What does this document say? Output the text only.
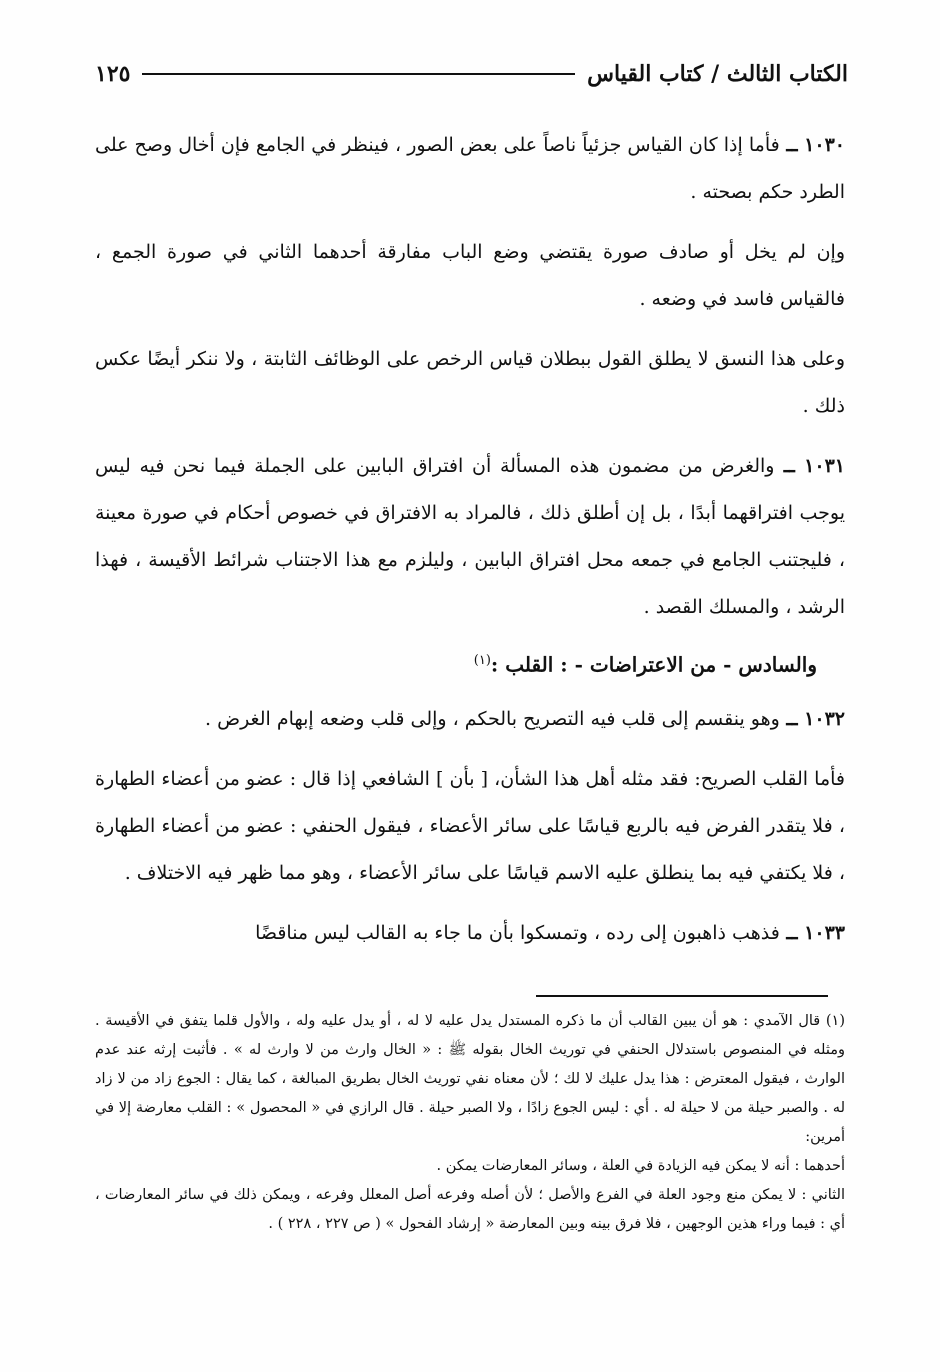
الكتاب الثالث / كتاب القياس
١٢٥

١٠٣٠ ــ فأما إذا كان القياس جزئياً ناصاً على بعض الصور ، فينظر في الجامع فإن أخال وصح على الطرد حكم بصحته .

وإن لم يخل أو صادف صورة يقتضي وضع الباب مفارقة أحدهما الثاني في صورة الجمع ، فالقياس فاسد في وضعه .

وعلى هذا النسق لا يطلق القول ببطلان قياس الرخص على الوظائف الثابتة ، ولا ننكر أيضًا عكس ذلك .

١٠٣١ ــ والغرض من مضمون هذه المسألة أن افتراق البابين على الجملة فيما نحن فيه ليس يوجب افتراقهما أبدًا ، بل إن أطلق ذلك ، فالمراد به الافتراق في خصوص أحكام في صورة معينة ، فليجتنب الجامع في جمعه محل افتراق البابين ، وليلزم مع هذا الاجتناب شرائط الأقيسة ، فهذا الرشد ، والمسلك القصد .

والسادس - من الاعتراضات - : القلب :$^{(١)}$

١٠٣٢ ــ وهو ينقسم إلى قلب فيه التصريح بالحكم ، وإلى قلب وضعه إبهام الغرض .

فأما القلب الصريح: فقد مثله أهل هذا الشأن، [ بأن ] الشافعي إذا قال : عضو من أعضاء الطهارة ، فلا يتقدر الفرض فيه بالربع قياسًا على سائر الأعضاء ، فيقول الحنفي : عضو من أعضاء الطهارة ، فلا يكتفي فيه بما ينطلق عليه الاسم قياسًا على سائر الأعضاء ، وهو مما ظهر فيه الاختلاف .

١٠٣٣ ــ فذهب ذاهبون إلى رده ، وتمسكوا بأن ما جاء به القالب ليس مناقضًا

(١) قال الآمدي : هو أن يبين القالب أن ما ذكره المستدل يدل عليه لا له ، أو يدل عليه وله ، والأول قلما يتفق في الأقيسة . ومثله في المنصوص باستدلال الحنفي في توريث الخال بقوله ﷺ : « الخال وارث من لا وارث له » . فأثبت إرثه عند عدم الوارث ، فيقول المعترض : هذا يدل عليك لا لك ؛ لأن معناه نفي توريث الخال بطريق المبالغة ، كما يقال : الجوع زاد من لا زاد له . والصبر حيلة من لا حيلة له . أي : ليس الجوع زادًا ، ولا الصبر حيلة . قال الرازي في « المحصول » : القلب معارضة إلا في أمرين:

أحدهما : أنه لا يمكن فيه الزيادة في العلة ، وسائر المعارضات يمكن .

الثاني : لا يمكن منع وجود العلة في الفرع والأصل ؛ لأن أصله وفرعه أصل المعلل وفرعه ، ويمكن ذلك في سائر المعارضات ، أي : فيما وراء هذين الوجهين ، فلا فرق بينه وبين المعارضة « إرشاد الفحول » ( ص ٢٢٧ ، ٢٢٨ ) .
